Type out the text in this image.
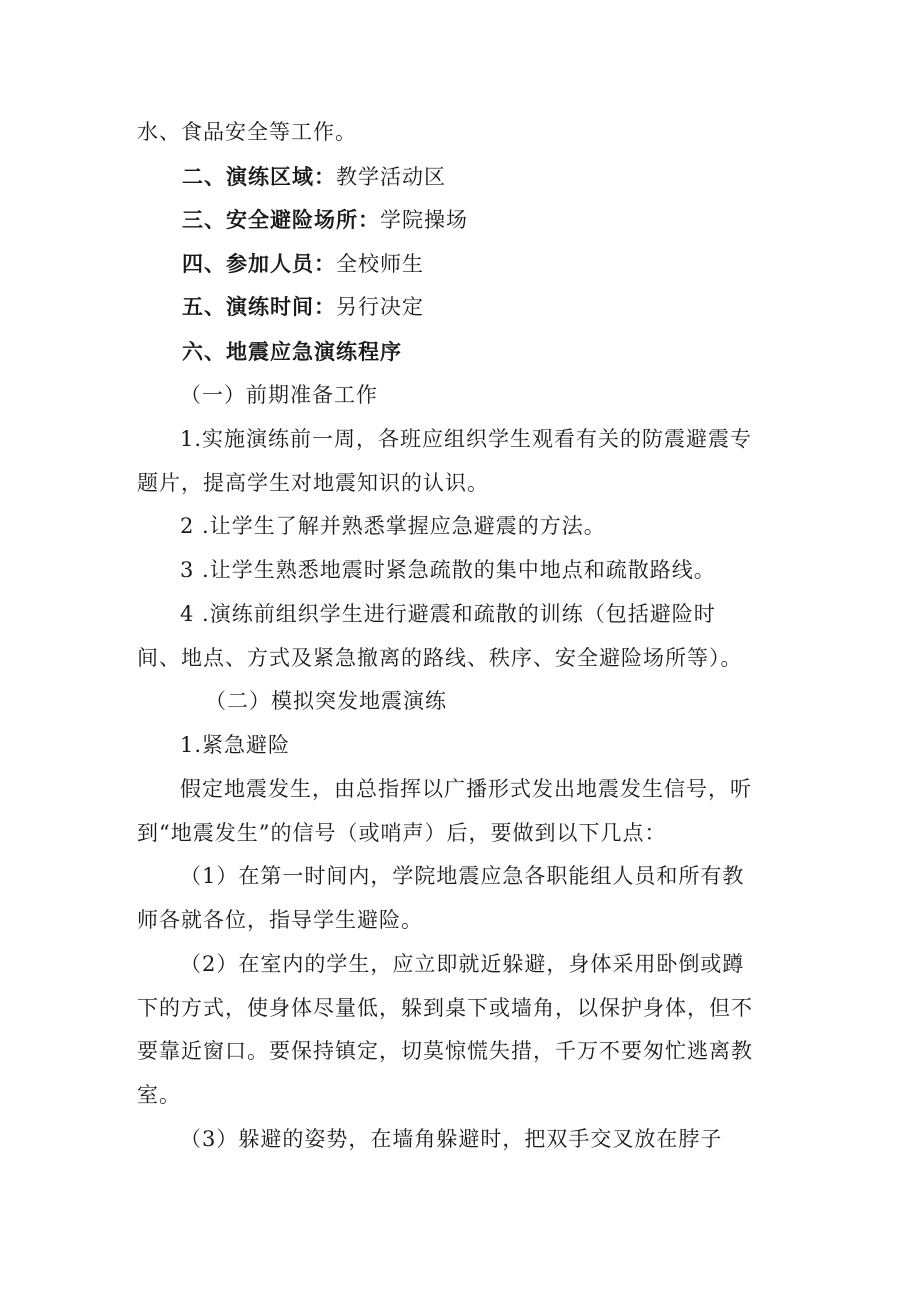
水、食品安全等工作。
二、演练区域：教学活动区
三、安全避险场所：学院操场
四、参加人员：全校师生
五、演练时间：另行决定
六、地震应急演练程序
（一）前期准备工作
1.实施演练前一周，各班应组织学生观看有关的防震避震专
题片，提高学生对地震知识的认识。
2 .让学生了解并熟悉掌握应急避震的方法。
3 .让学生熟悉地震时紧急疏散的集中地点和疏散路线。
4 .演练前组织学生进行避震和疏散的训练（包括避险时
间、地点、方式及紧急撤离的路线、秩序、安全避险场所等）。
（二）模拟突发地震演练
1.紧急避险
假定地震发生，由总指挥以广播形式发出地震发生信号，听
到“地震发生”的信号（或哨声）后，要做到以下几点：
（1）在第一时间内，学院地震应急各职能组人员和所有教
师各就各位，指导学生避险。
（2）在室内的学生，应立即就近躲避，身体采用卧倒或蹲
下的方式，使身体尽量低，躲到桌下或墙角，以保护身体，但不
要靠近窗口。要保持镇定，切莫惊慌失措，千万不要匆忙逃离教
室。
（3）躲避的姿势，在墙角躲避时，把双手交叉放在脖子
